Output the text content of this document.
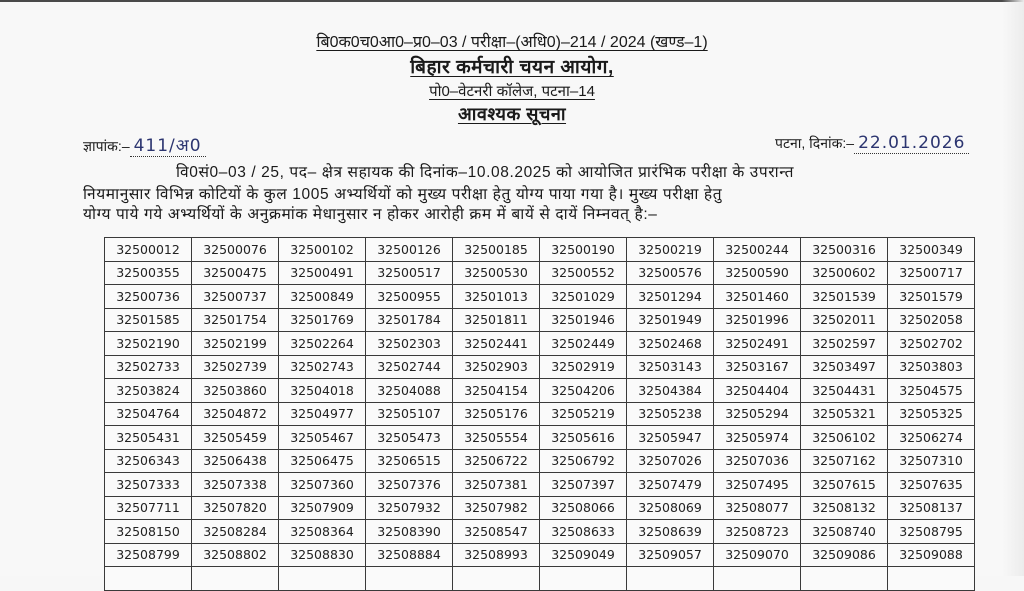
बि0क0च0आ0–प्र0–03 / परीक्षा–(अधि0)–214 / 2024 (खण्ड–1)
बिहार कर्मचारी चयन आयोग,
पो0–वेटनरी कॉलेज, पटना–14
आवश्यक सूचना
ज्ञापांक:– 411/अ0	पटना, दिनांक:– 22.01.2026
वि0सं0–03 / 25, पद– क्षेत्र सहायक की दिनांक–10.08.2025 को आयोजित प्रारंभिक परीक्षा के उपरान्त
नियमानुसार विभिन्न कोटियों के कुल 1005 अभ्यर्थियों को मुख्य परीक्षा हेतु योग्य पाया गया है। मुख्य परीक्षा हेतु
योग्य पाये गये अभ्यर्थियों के अनुक्रमांक मेधानुसार न होकर आरोही क्रम में बायें से दायें निम्नवत् है:–
32500012	32500076	32500102	32500126	32500185	32500190	32500219	32500244	32500316	32500349
32500355	32500475	32500491	32500517	32500530	32500552	32500576	32500590	32500602	32500717
32500736	32500737	32500849	32500955	32501013	32501029	32501294	32501460	32501539	32501579
32501585	32501754	32501769	32501784	32501811	32501946	32501949	32501996	32502011	32502058
32502190	32502199	32502264	32502303	32502441	32502449	32502468	32502491	32502597	32502702
32502733	32502739	32502743	32502744	32502903	32502919	32503143	32503167	32503497	32503803
32503824	32503860	32504018	32504088	32504154	32504206	32504384	32504404	32504431	32504575
32504764	32504872	32504977	32505107	32505176	32505219	32505238	32505294	32505321	32505325
32505431	32505459	32505467	32505473	32505554	32505616	32505947	32505974	32506102	32506274
32506343	32506438	32506475	32506515	32506722	32506792	32507026	32507036	32507162	32507310
32507333	32507338	32507360	32507376	32507381	32507397	32507479	32507495	32507615	32507635
32507711	32507820	32507909	32507932	32507982	32508066	32508069	32508077	32508132	32508137
32508150	32508284	32508364	32508390	32508547	32508633	32508639	32508723	32508740	32508795
32508799	32508802	32508830	32508884	32508993	32509049	32509057	32509070	32509086	32509088
